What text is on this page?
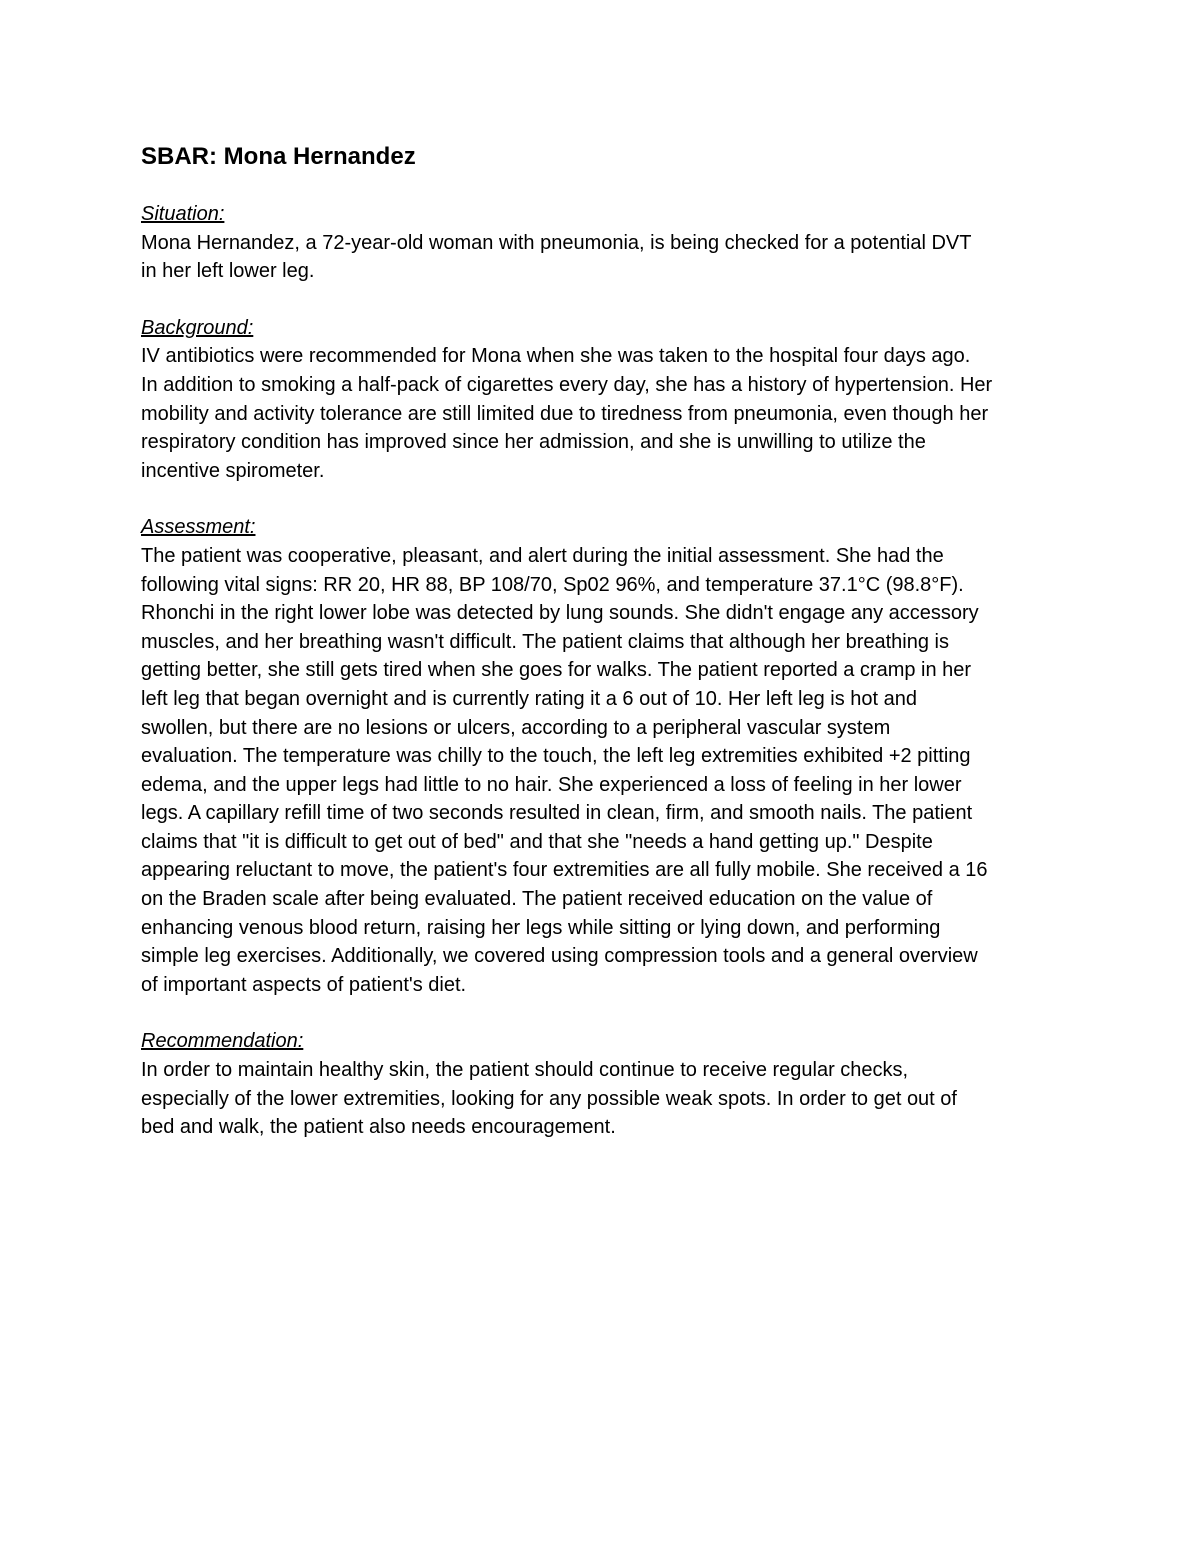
SBAR: Mona Hernandez

Situation:

Mona Hernandez, a 72-year-old woman with pneumonia, is being checked for a potential DVT
in her left lower leg.

Background:

IV antibiotics were recommended for Mona when she was taken to the hospital four days ago.
In addition to smoking a half-pack of cigarettes every day, she has a history of hypertension. Her
mobility and activity tolerance are still limited due to tiredness from pneumonia, even though her
respiratory condition has improved since her admission, and she is unwilling to utilize the
incentive spirometer.

Assessment:

The patient was cooperative, pleasant, and alert during the initial assessment. She had the
following vital signs: RR 20, HR 88, BP 108/70, Sp02 96%, and temperature 37.1°C (98.8°F).
Rhonchi in the right lower lobe was detected by lung sounds. She didn't engage any accessory
muscles, and her breathing wasn't difficult. The patient claims that although her breathing is
getting better, she still gets tired when she goes for walks. The patient reported a cramp in her
left leg that began overnight and is currently rating it a 6 out of 10. Her left leg is hot and
swollen, but there are no lesions or ulcers, according to a peripheral vascular system
evaluation. The temperature was chilly to the touch, the left leg extremities exhibited +2 pitting
edema, and the upper legs had little to no hair. She experienced a loss of feeling in her lower
legs. A capillary refill time of two seconds resulted in clean, firm, and smooth nails. The patient
claims that "it is difficult to get out of bed" and that she "needs a hand getting up." Despite
appearing reluctant to move, the patient's four extremities are all fully mobile. She received a 16
on the Braden scale after being evaluated. The patient received education on the value of
enhancing venous blood return, raising her legs while sitting or lying down, and performing
simple leg exercises. Additionally, we covered using compression tools and a general overview
of important aspects of patient's diet.

Recommendation:

In order to maintain healthy skin, the patient should continue to receive regular checks,
especially of the lower extremities, looking for any possible weak spots. In order to get out of
bed and walk, the patient also needs encouragement.
